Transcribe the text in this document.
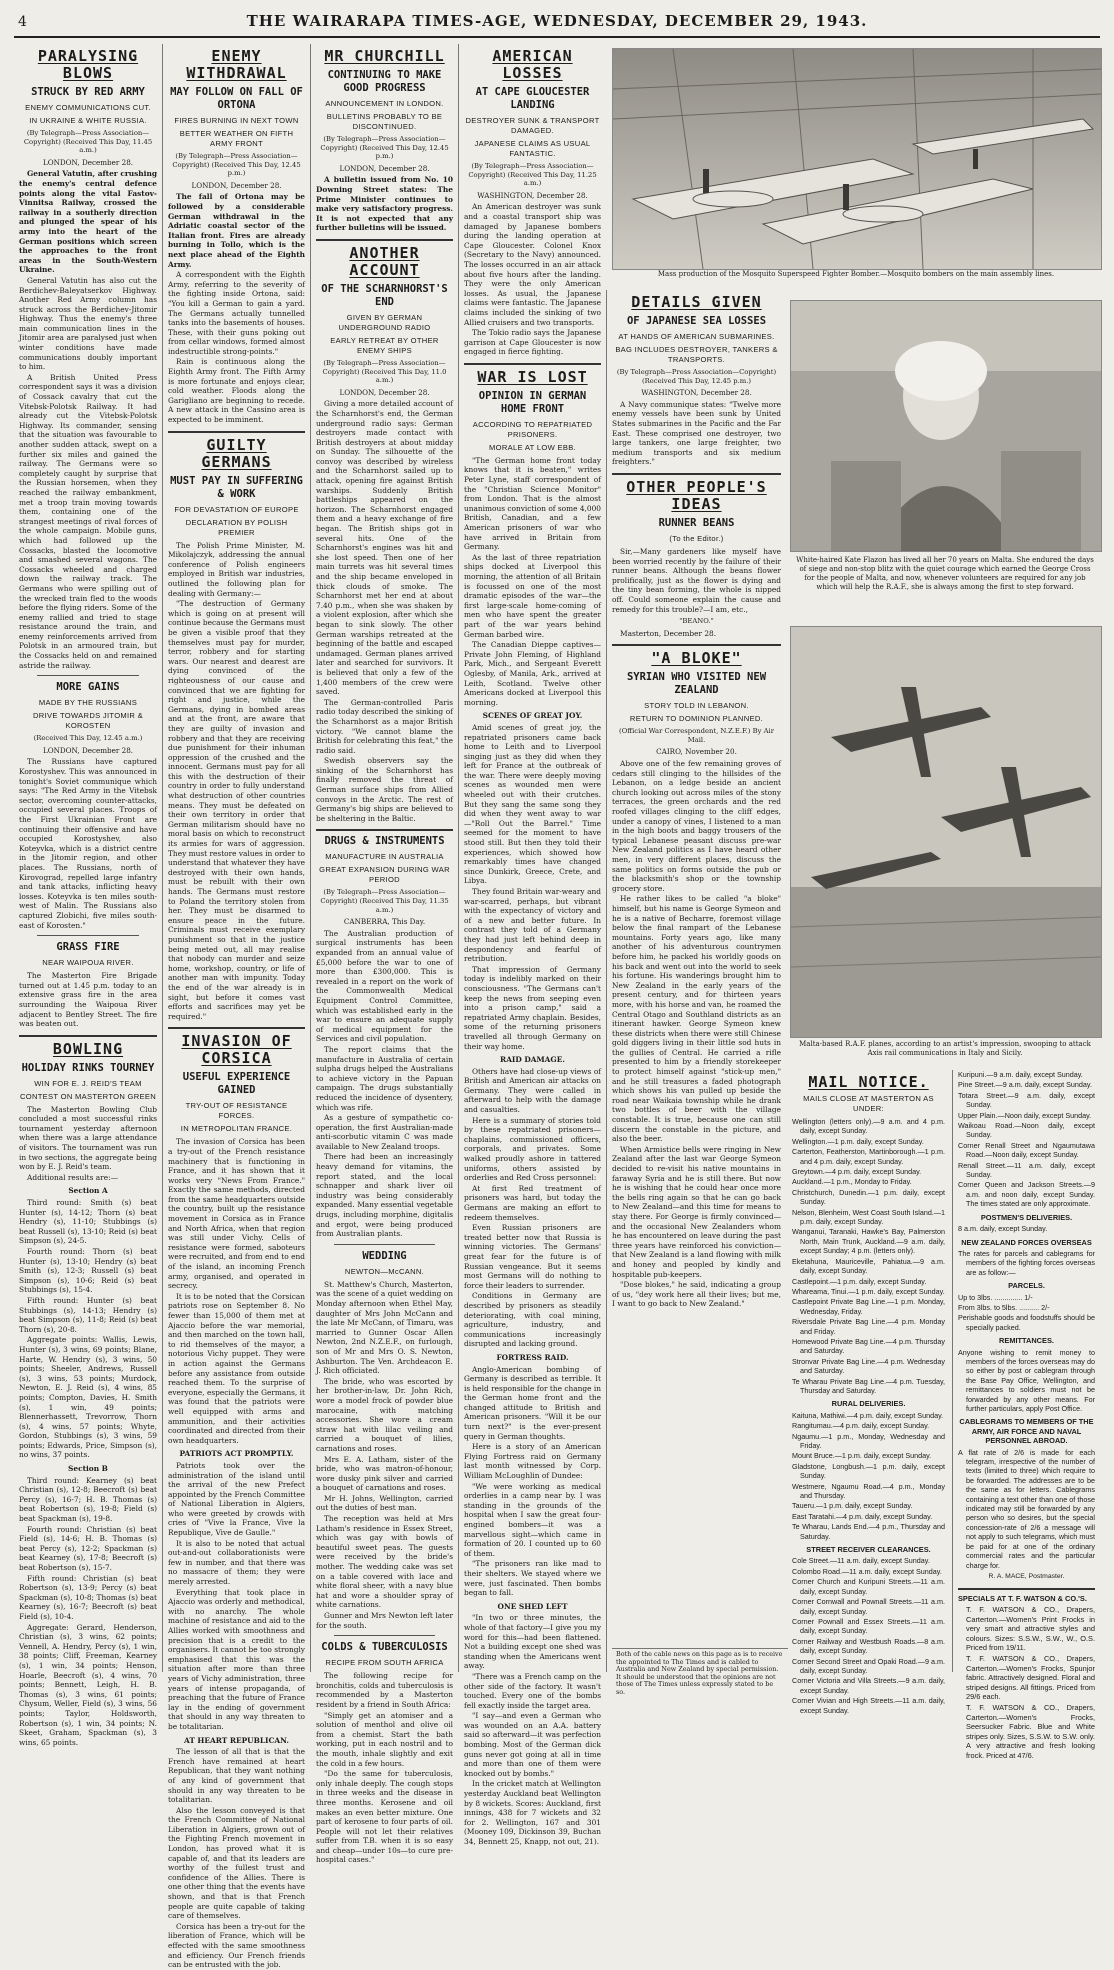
4	THE WAIRARAPA TIMES-AGE, WEDNESDAY, DECEMBER 29, 1943.
PARALYSING BLOWS
STRUCK BY RED ARMY
ENEMY COMMUNICATIONS CUT.
IN UKRAINE & WHITE RUSSIA.
(By Telegraph—Press Association—Copyright) (Received This Day, 11.45 a.m.)
LONDON, December 28.

General Vatutin, after crushing the enemy's central defence points along the vital Fastov-Vinnitsa Railway, crossed the railway in a southerly direction and plunged the spear of his army into the heart of the German positions which screen the approaches to the front areas in the South-Western Ukraine.

General Vatutin has also cut the Berdichev-Baleyatserkov Highway. Another Red Army column has struck across the Berdichev-Jitomir Highway. Thus the enemy's three main communication lines in the Jitomir area are paralysed just when winter conditions have made communications doubly important to him.

A British United Press correspondent says it was a division of Cossack cavalry that cut the Vitebsk-Polotsk Railway. It had already cut the Vitebsk-Polotsk Highway. Its commander, sensing that the situation was favourable to another sudden attack, swept on a further six miles and gained the railway. The Germans were so completely caught by surprise that the Russian horsemen, when they reached the railway embankment, met a troop train moving towards them, containing one of the strangest meetings of rival forces of the whole campaign. Mobile guns, which had followed up the Cossacks, blasted the locomotive and smashed several wagons. The Cossacks wheeled and charged down the railway track. The Germans who were spilling out of the wrecked train fled to the woods before the flying riders. Some of the enemy rallied and tried to stage resistance around the train, and enemy reinforcements arrived from Polotsk in an armoured train, but the Cossacks held on and remained astride the railway.

MORE GAINS
MADE BY THE RUSSIANS
DRIVE TOWARDS JITOMIR & KOROSTEN
(Received This Day, 12.45 a.m.)
LONDON, December 28.

The Russians have captured Korostyshev. This was announced in tonight's Soviet communique which says: "The Red Army in the Vitebsk sector, overcoming counter-attacks, occupied several places. Troops of the First Ukrainian Front are continuing their offensive and have occupied Korostyshev, also Koteyvka, which is a district centre in the Jitomir region, and other places. The Russians, north of Kirovograd, repelled large infantry and tank attacks, inflicting heavy losses. Koteyvka is ten miles south-west of Malin. The Russians also captured Zlobichi, five miles south-east of Korosten."

GRASS FIRE
NEAR WAIPOUA RIVER.

The Masterton Fire Brigade turned out at 1.45 p.m. today to an extensive grass fire in the area surrounding the Waipoua River adjacent to Bentley Street. The fire was beaten out.

BOWLING
HOLIDAY RINKS TOURNEY
WIN FOR E. J. REID'S TEAM
CONTEST ON MASTERTON GREEN

The Masterton Bowling Club concluded a most successful rinks tournament yesterday afternoon when there was a large attendance of visitors. The tournament was run in two sections, the aggregate being won by E. J. Reid's team.

Additional results are:—

Section A

Third round: Smith (s) beat Hunter (s), 14-12; Thorn (s) beat Hendry (s), 11-10; Stubbings (s) beat Russell (s), 13-10; Reid (s) beat Simpson (s), 24-5.

Fourth round: Thorn (s) beat Hunter (s), 13-10; Hendry (s) beat Smith (s), 12-3; Russell (s) beat Simpson (s), 10-6; Reid (s) beat Stubbings (s), 15-4.

Fifth round: Hunter (s) beat Stubbings (s), 14-13; Hendry (s) beat Simpson (s), 11-8; Reid (s) beat Thorn (s), 20-8.

Aggregate points: Wallis, Lewis, Hunter (s), 3 wins, 69 points; Blane, Harte, W. Hendry (s), 3 wins, 50 points; Sheeler, Andrews, Russell (s), 3 wins, 53 points; Murdock, Newton, E. J. Reid (s), 4 wins, 85 points; Compton, Davies, H. Smith (s), 1 win, 49 points; Blennerhassett, Trevorrow, Thorn (s), 4 wins, 57 points; Whyte, Gordon, Stubbings (s), 3 wins, 59 points; Edwards, Price, Simpson (s), no wins, 37 points.

Section B

Third round: Kearney (s) beat Christian (s), 12-8; Beecroft (s) beat Percy (s), 16-7; H. B. Thomas (s) beat Robertson (s), 19-8; Field (s) beat Spackman (s), 19-8.

Fourth round: Christian (s) beat Field (s), 14-6; H. B. Thomas (s) beat Percy (s), 12-2; Spackman (s) beat Kearney (s), 17-8; Beecroft (s) beat Robertson (s), 15-7.

Fifth round: Christian (s) beat Robertson (s), 13-9; Percy (s) beat Spackman (s), 10-8; Thomas (s) beat Kearney (s), 16-7; Beecroft (s) beat Field (s), 10-4.

Aggregate: Gerard, Henderson, Christian (s), 3 wins, 62 points; Vennell, A. Hendry, Percy (s), 1 win, 38 points; Cliff, Freeman, Kearney (s), 1 win, 34 points; Henson, Hoarle, Beecroft (s), 4 wins, 70 points; Bennett, Leigh, H. B. Thomas (s), 3 wins, 61 points; Chysum, Weller, Field (s), 3 wins, 56 points; Taylor, Holdsworth, Robertson (s), 1 win, 34 points; N. Skeet, Graham, Spackman (s), 3 wins, 65 points.

ENEMY WITHDRAWAL
MAY FOLLOW ON FALL OF ORTONA
FIRES BURNING IN NEXT TOWN
BETTER WEATHER ON FIFTH ARMY FRONT
(By Telegraph—Press Association—Copyright) (Received This Day, 12.45 p.m.)
LONDON, December 28.

The fall of Ortona may be followed by a considerable German withdrawal in the Adriatic coastal sector of the Italian front. Fires are already burning in Tollo, which is the next place ahead of the Eighth Army.

A correspondent with the Eighth Army, referring to the severity of the fighting inside Ortona, said: "You kill a German to gain a yard. The Germans actually tunnelled tanks into the basements of houses. These, with their guns poking out from cellar windows, formed almost indestructible strong-points."

Rain is continuous along the Eighth Army front. The Fifth Army is more fortunate and enjoys clear, cold weather. Floods along the Garigliano are beginning to recede. A new attack in the Cassino area is expected to be imminent.

GUILTY GERMANS
MUST PAY IN SUFFERING & WORK
FOR DEVASTATION OF EUROPE
DECLARATION BY POLISH PREMIER

The Polish Prime Minister, M. Mikolajczyk, addressing the annual conference of Polish engineers employed in British war industries, outlined the following plan for dealing with Germany:—

"The destruction of Germany which is going on at present will continue because the Germans must be given a visible proof that they themselves must pay for murder, terror, robbery and for starting wars. Our nearest and dearest are dying convinced of the righteousness of our cause and convinced that we are fighting for right and justice, while the Germans, dying in bombed areas and at the front, are aware that they are guilty of invasion and robbery and that they are receiving due punishment for their inhuman oppression of the crushed and the innocent. Germans must pay for all this with the destruction of their country in order to fully understand what destruction of other countries means. They must be defeated on their own territory in order that German militarism should have no moral basis on which to reconstruct its armies for wars of aggression. They must restore values in order to understand that whatever they have destroyed with their own hands, must be rebuilt with their own hands. The Germans must restore to Poland the territory stolen from her. They must be disarmed to ensure peace in the future. Criminals must receive exemplary punishment so that in the justice being meted out, all may realise that nobody can murder and seize home, workshop, country, or life of another man with impunity. Today the end of the war already is in sight, but before it comes vast efforts and sacrifices may yet be required."

INVASION OF CORSICA
USEFUL EXPERIENCE GAINED
TRY-OUT OF RESISTANCE FORCES.
IN METROPOLITAN FRANCE.

The invasion of Corsica has been a try-out of the French resistance machinery that is functioning in France, and it has shown that it works very "News From France." Exactly the same methods, directed from the same headquarters outside the country, built up the resistance movement in Corsica as in France and North Africa, when that region was still under Vichy. Cells of resistance were formed, saboteurs were recruited, and from end to end of the island, an incoming French army, organised, and operated in secrecy.

It is to be noted that the Corsican patriots rose on September 8. No fewer than 15,000 of them met at Ajaccio before the war memorial, and then marched on the town hall, to rid themselves of the mayor, a notorious Vichy puppet. They were in action against the Germans before any assistance from outside reached them. To the surprise of everyone, especially the Germans, it was found that the patriots were well equipped with arms and ammunition, and their activities coordinated and directed from their own headquarters.

PATRIOTS ACT PROMPTLY.

Patriots took over the administration of the island until the arrival of the new Prefect appointed by the French Committee of National Liberation in Algiers, who were greeted by crowds with cries of "Vive la France, Vive la Republique, Vive de Gaulle."

It is also to be noted that actual out-and-out collaborationists were few in number, and that there was no massacre of them; they were merely arrested.

Everything that took place in Ajaccio was orderly and methodical, with no anarchy. The whole machine of resistance and aid to the Allies worked with smoothness and precision that is a credit to the organisers. It cannot be too strongly emphasised that this was the situation after more than three years of Vichy administration, three years of intense propaganda, of preaching that the future of France lay in the ending of government that should in any way threaten to be totalitarian.

AT HEART REPUBLICAN.

The lesson of all that is that the French have remained at heart Republican, that they want nothing of any kind of government that should in any way threaten to be totalitarian.

Also the lesson conveyed is that the French Committee of National Liberation in Algiers, grown out of the Fighting French movement in London, has proved what it is capable of, and that its leaders are worthy of the fullest trust and confidence of the Allies. There is one other thing that the events have shown, and that is that French people are quite capable of taking care of themselves.

Corsica has been a try-out for the liberation of France, which will be effected with the same smoothness and efficiency. Our French friends can be entrusted with the job.

MR CHURCHILL
CONTINUING TO MAKE GOOD PROGRESS
ANNOUNCEMENT IN LONDON.
BULLETINS PROBABLY TO BE DISCONTINUED.
(By Telegraph—Press Association—Copyright) (Received This Day, 12.45 p.m.)
LONDON, December 28.

A bulletin issued from No. 10 Downing Street states: The Prime Minister continues to make very satisfactory progress. It is not expected that any further bulletins will be issued.

ANOTHER ACCOUNT
OF THE SCHARNHORST'S END
GIVEN BY GERMAN UNDERGROUND RADIO
EARLY RETREAT BY OTHER ENEMY SHIPS
(By Telegraph—Press Association—Copyright) (Received This Day, 11.0 a.m.)
LONDON, December 28.

Giving a more detailed account of the Scharnhorst's end, the German underground radio says: German destroyers made contact with British destroyers at about midday on Sunday. The silhouette of the convoy was described by wireless and the Scharnhorst sailed up to attack, opening fire against British warships. Suddenly British battleships appeared on the horizon. The Scharnhorst engaged them and a heavy exchange of fire began. The British ships got in several hits. One of the Scharnhorst's engines was hit and she lost speed. Then one of her main turrets was hit several times and the ship became enveloped in thick clouds of smoke. The Scharnhorst met her end at about 7.40 p.m., when she was shaken by a violent explosion, after which she began to sink slowly. The other German warships retreated at the beginning of the battle and escaped undamaged. German planes arrived later and searched for survivors. It is believed that only a few of the 1,400 members of the crew were saved.

The German-controlled Paris radio today described the sinking of the Scharnhorst as a major British victory. "We cannot blame the British for celebrating this feat," the radio said.

Swedish observers say the sinking of the Scharnhorst has finally removed the threat of German surface ships from Allied convoys in the Arctic. The rest of Germany's big ships are believed to be sheltering in the Baltic.

DRUGS & INSTRUMENTS
MANUFACTURE IN AUSTRALIA
GREAT EXPANSION DURING WAR PERIOD
(By Telegraph—Press Association—Copyright) (Received This Day, 11.35 a.m.)
CANBERRA, This Day.

The Australian production of surgical instruments has been expanded from an annual value of £5,000 before the war to one of more than £300,000. This is revealed in a report on the work of the Commonwealth Medical Equipment Control Committee, which was established early in the war to ensure an adequate supply of medical equipment for the Services and civil population.

The report claims that the manufacture in Australia of certain sulpha drugs helped the Australians to achieve victory in the Papuan campaign. The drugs substantially reduced the incidence of dysentery, which was rife.

As a gesture of sympathetic co-operation, the first Australian-made anti-scorbutic vitamin C was made available to New Zealand troops.

There had been an increasingly heavy demand for vitamins, the report stated, and the local schnapper and shark liver oil industry was being considerably expanded. Many essential vegetable drugs, including morphine, digitalis and ergot, were being produced from Australian plants.

WEDDING
NEWTON—McCANN.

St. Matthew's Church, Masterton, was the scene of a quiet wedding on Monday afternoon when Ethel May, daughter of Mrs John McCann and the late Mr McCann, of Timaru, was married to Gunner Oscar Allen Newton, 2nd N.Z.E.F., on furlough, son of Mr and Mrs O. S. Newton, Ashburton. The Ven. Archdeacon E. J. Rich officiated.

The bride, who was escorted by her brother-in-law, Dr. John Rich, wore a model frock of powder blue marocaine, with matching accessories. She wore a cream straw hat with lilac veiling and carried a bouquet of lilies, carnations and roses.

Mrs E. A. Latham, sister of the bride, who was matron-of-honour, wore dusky pink silver and carried a bouquet of carnations and roses.

Mr H. Johns, Wellington, carried out the duties of best man.

The reception was held at Mrs Latham's residence in Essex Street, which was gay with bowls of beautiful sweet peas. The guests were received by the bride's mother. The wedding cake was set on a table covered with lace and white floral sheer, with a navy blue hat and wore a shoulder spray of white carnations.

Gunner and Mrs Newton left later for the south.

COLDS & TUBERCULOSIS
RECIPE FROM SOUTH AFRICA

The following recipe for bronchitis, colds and tuberculosis is recommended by a Masterton resident by a friend in South Africa:

"Simply get an atomiser and a solution of menthol and olive oil from a chemist. Start the bath working, put in each nostril and to the mouth, inhale slightly and exit the cold in a few hours.

"Do the same for tuberculosis, only inhale deeply. The cough stops in three weeks and the disease in three months. Kerosene and oil makes an even better mixture. One part of kerosene to four parts of oil. People will not let their relatives suffer from T.B. when it is so easy and cheap—under 10s—to cure pre-hospital cases."

AMERICAN LOSSES
AT CAPE GLOUCESTER LANDING
DESTROYER SUNK & TRANSPORT DAMAGED.
JAPANESE CLAIMS AS USUAL FANTASTIC.
(By Telegraph—Press Association—Copyright) (Received This Day, 11.25 a.m.)
WASHINGTON, December 28.

An American destroyer was sunk and a coastal transport ship was damaged by Japanese bombers during the landing operation at Cape Gloucester. Colonel Knox (Secretary to the Navy) announced. The losses occurred in an air attack about five hours after the landing. They were the only American losses. As usual, the Japanese claims were fantastic. The Japanese claims included the sinking of two Allied cruisers and two transports.

The Tokio radio says the Japanese garrison at Cape Gloucester is now engaged in fierce fighting.

WAR IS LOST
OPINION IN GERMAN HOME FRONT
ACCORDING TO REPATRIATED PRISONERS.
MORALE AT LOW EBB.

"The German home front today knows that it is beaten," writes Peter Lyne, staff correspondent of the "Christian Science Monitor" from London. That is the almost unanimous conviction of some 4,000 British, Canadian, and a few American prisoners of war who have arrived in Britain from Germany.

As the last of three repatriation ships docked at Liverpool this morning, the attention of all Britain is focussed on one of the most dramatic episodes of the war—the first large-scale home-coming of men who have spent the greater part of the war years behind German barbed wire.

The Canadian Dieppe captives—Private John Fleming, of Highland Park, Mich., and Sergeant Everett Oglesby, of Manila, Ark., arrived at Leith, Scotland. Twelve other Americans docked at Liverpool this morning.

SCENES OF GREAT JOY.

Amid scenes of great joy, the repatriated prisoners came back home to Leith and to Liverpool singing just as they did when they left for France at the outbreak of the war. There were deeply moving scenes as wounded men were wheeled out with their crutches. But they sang the same song they did when they went away to war—"Roll Out the Barrel." Time seemed for the moment to have stood still. But then they told their experiences, which showed how remarkably times have changed since Dunkirk, Greece, Crete, and Libya.

They found Britain war-weary and war-scarred, perhaps, but vibrant with the expectancy of victory and of a new and better future. In contrast they told of a Germany they had just left behind deep in despondency and fearful of retribution.

That impression of Germany today is indelibly marked on their consciousness. "The Germans can't keep the news from seeping even into a prison camp," said a repatriated Army chaplain. Besides, some of the returning prisoners travelled all through Germany on their way home.

RAID DAMAGE.

Others have had close-up views of British and American air attacks on Germany. They were called in afterward to help with the damage and casualties.

Here is a summary of stories told by these repatriated prisoners—chaplains, commissioned officers, corporals, and privates. Some walked proudly ashore in tattered uniforms, others assisted by orderlies and Red Cross personnel:

At first Red treatment of prisoners was hard, but today the Germans are making an effort to redeem themselves.

Even Russian prisoners are treated better now that Russia is winning victories. The Germans' great fear for the future is of Russian vengeance. But it seems most Germans will do nothing to force their leaders to surrender.

Conditions in Germany are described by prisoners as steadily deteriorating, with coal mining, agriculture, industry, and communications increasingly disrupted and lacking ground.

FORTRESS RAID.

Anglo-American bombing of Germany is described as terrible. It is held responsible for the change in the German home front and the changed attitude to British and American prisoners. "Will it be our turn next?" is the ever-present query in German thoughts.

Here is a story of an American Flying Fortress raid on Germany last month witnessed by Corp. William McLoughlin of Dundee:

"We were working as medical orderlies in a camp near by. I was standing in the grounds of the hospital when I saw the great four-engined bombers—it was a marvellous sight—which came in formation of 20. I counted up to 60 of them.

"The prisoners ran like mad to their shelters. We stayed where we were, just fascinated. Then bombs began to fall.

ONE SHED LEFT

"In two or three minutes, the whole of that factory—I give you my word for this—had been flattened. Not a building except one shed was standing when the Americans went away.

"There was a French camp on the other side of the factory. It wasn't touched. Every one of the bombs fell exactly inside the target area.

"I say—and even a German who was wounded on an A.A. battery said so afterward—it was perfection bombing. Most of the German dick guns never got going at all in time and more than one of them were knocked out by bombs."

In the cricket match at Wellington yesterday Auckland beat Wellington by 8 wickets. Scores: Auckland, first innings, 438 for 7 wickets and 32 for 2. Wellington, 167 and 301 (Mooney 109, Dickinson 39, Buchan 34, Bennett 25, Knapp, not out, 21).

Mass production of the Mosquito Superspeed Fighter Bomber.—Mosquito bombers on the main assembly lines.
DETAILS GIVEN
OF JAPANESE SEA LOSSES
AT HANDS OF AMERICAN SUBMARINES.
BAG INCLUDES DESTROYER, TANKERS & TRANSPORTS.
(By Telegraph—Press Association—Copyright) (Received This Day, 12.45 p.m.)
WASHINGTON, December 28.

A Navy communique states: "Twelve more enemy vessels have been sunk by United States submarines in the Pacific and the Far East. These comprised one destroyer, two large tankers, one large freighter, two medium transports and six medium freighters."

OTHER PEOPLE'S IDEAS
RUNNER BEANS
(To the Editor.)

Sir,—Many gardeners like myself have been worried recently by the failure of their runner beans. Although the beans flower prolifically, just as the flower is dying and the tiny bean forming, the whole is nipped off. Could someone explain the cause and remedy for this trouble?—I am, etc.,

"BEANO."

Masterton, December 28.

"A BLOKE"
SYRIAN WHO VISITED NEW ZEALAND
STORY TOLD IN LEBANON.
RETURN TO DOMINION PLANNED.
(Official War Correspondent, N.Z.E.F.) By Air Mail.
CAIRO, November 20.

Above one of the few remaining groves of cedars still clinging to the hillsides of the Lebanon, on a ledge beside an ancient church looking out across miles of the stony terraces, the green orchards and the red roofed villages clinging to the cliff edges, under a canopy of vines, I listened to a man in the high boots and baggy trousers of the typical Lebanese peasant discuss pre-war New Zealand politics as I have heard other men, in very different places, discuss the same politics on forms outside the pub or the blacksmith's shop or the township grocery store.

He rather likes to be called "a bloke" himself, but his name is George Symeon and he is a native of Becharre, foremost village below the final rampart of the Lebanese mountains. Forty years ago, like many another of his adventurous countrymen before him, he packed his worldly goods on his back and went out into the world to seek his fortune. His wanderings brought him to New Zealand in the early years of the present century, and for thirteen years more, with his horse and van, he roamed the Central Otago and Southland districts as an itinerant hawker. George Symeon knew these districts when there were still Chinese gold diggers living in their little sod huts in the gullies of Central. He carried a rifle presented to him by a friendly storekeeper to protect himself against "stick-up men," and he still treasures a faded photograph which shows his van pulled up beside the road near Waikaia township while he drank two bottles of beer with the village constable. It is true, because one can still discern the constable in the picture, and also the beer.

When Armistice bells were ringing in New Zealand after the last war George Symeon decided to re-visit his native mountains in faraway Syria and he is still there. But now he is wishing that he could hear once more the bells ring again so that he can go back to New Zealand—and this time for means to stay there. For George is firmly convinced—and the occasional New Zealanders whom he has encountered on leave during the past three years have reinforced his conviction—that New Zealand is a land flowing with milk and honey and peopled by kindly and hospitable pub-keepers.

"Dose blokes," he said, indicating a group of us, "dey work here all their lives; but me, I want to go back to New Zealand."

White-haired Kate Flazon has lived all her 70 years on Malta. She endured the days of siege and non-stop blitz with the quiet courage which earned the George Cross for the people of Malta, and now, whenever volunteers are required for any job which will help the R.A.F., she is always among the first to step forward.
Malta-based R.A.F. planes, according to an artist's impression, swooping to attack Axis rail communications in Italy and Sicily.
MAIL NOTICE.
MAILS CLOSE AT MASTERTON AS UNDER:

Wellington (letters only).—9 a.m. and 4 p.m. daily, except Sunday.

Wellington.—1 p.m. daily, except Sunday.

Carterton, Featherston, Martinborough.—1 p.m. and 4 p.m. daily, except Sunday.

Greytown.—4 p.m. daily, except Sunday.

Auckland.—1 p.m., Monday to Friday.

Christchurch, Dunedin.—1 p.m. daily, except Sunday.

Nelson, Blenheim, West Coast South Island.—1 p.m. daily, except Sunday.

Wanganui, Taranaki, Hawke's Bay, Palmerston North, Main Trunk, Auckland.—9 a.m. daily, except Sunday; 4 p.m. (letters only).

Eketahuna, Mauriceville, Pahiatua.—9 a.m. daily, except Sunday.

Castlepoint.—1 p.m. daily, except Sunday.

Whareama, Tinui.—1 p.m. daily, except Sunday.

Castlepoint Private Bag Line.—1 p.m. Monday, Wednesday, Friday.

Riversdale Private Bag Line.—4 p.m. Monday and Friday.

Homewood Private Bag Line.—4 p.m. Thursday and Saturday.

Stronvar Private Bag Line.—4 p.m. Wednesday and Saturday.

Te Wharau Private Bag Line.—4 p.m. Tuesday, Thursday and Saturday.

RURAL DELIVERIES.

Kaituna, Mathiwi.—4 p.m. daily, except Sunday.

Rangitumau.—4 p.m. daily, except Sunday.

Ngaumu.—1 p.m., Monday, Wednesday and Friday.

Mount Bruce.—1 p.m. daily, except Sunday.

Gladstone, Longbush.—1 p.m. daily, except Sunday.

Westmere, Ngaumu Road.—4 p.m., Monday and Thursday.

Taueru.—1 p.m. daily, except Sunday.

East Taratahi.—4 p.m. daily, except Sunday.

Te Wharau, Lands End.—4 p.m., Thursday and Saturday.

STREET RECEIVER CLEARANCES.

Cole Street.—11 a.m. daily, except Sunday.

Colombo Road.—11 a.m. daily, except Sunday.

Corner Church and Kuripuni Streets.—11 a.m. daily, except Sunday.

Corner Cornwall and Pownall Streets.—11 a.m. daily, except Sunday.

Corner Pownall and Essex Streets.—11 a.m. daily, except Sunday.

Corner Railway and Westbush Roads.—8 a.m. daily, except Sunday.

Corner Second Street and Opaki Road.—9 a.m. daily, except Sunday.

Corner Victoria and Villa Streets.—9 a.m. daily, except Sunday.

Corner Vivian and High Streets.—11 a.m. daily, except Sunday.

Kuripuni.—9 a.m. daily, except Sunday.

Pine Street.—9 a.m. daily, except Sunday.

Totara Street.—9 a.m. daily, except Sunday.

Upper Plain.—Noon daily, except Sunday.

Waikoau Road.—Noon daily, except Sunday.

Corner Renall Street and Ngaumutawa Road.—Noon daily, except Sunday.

Renall Street.—11 a.m. daily, except Sunday.

Corner Queen and Jackson Streets.—9 a.m. and noon daily, except Sunday. The times stated are only approximate.

POSTMEN'S DELIVERIES.

8 a.m. daily, except Sunday.

NEW ZEALAND FORCES OVERSEAS

The rates for parcels and cablegrams for members of the fighting forces overseas are as follow:—

PARCELS.

Up to 3lbs. .............. 1/-

From 3lbs. to 5lbs. .......... 2/-

Perishable goods and foodstuffs should be specially packed.

REMITTANCES.

Anyone wishing to remit money to members of the forces overseas may do so either by post or cablegram through the Base Pay Office, Wellington, and remittances to soldiers must not be forwarded by any other means. For further particulars, apply Post Office.

CABLEGRAMS TO MEMBERS OF THE ARMY, AIR FORCE AND NAVAL PERSONNEL ABROAD.

A flat rate of 2/6 is made for each telegram, irrespective of the number of texts (limited to three) which require to be forwarded. The addresses are to be the same as for letters. Cablegrams containing a text other than one of those indicated may still be forwarded by any person who so desires, but the special concession-rate of 2/6 a message will not apply to such telegrams, which must be paid for at one of the ordinary commercial rates and the particular charge for.

R. A. MACE, Postmaster.
SPECIALS AT T. F. WATSON & CO.'S.

T. F. WATSON & CO., Drapers, Carterton.—Women's Print Frocks in very smart and attractive styles and colours. Sizes: S.S.W., S.W., W., O.S. Priced from 19/11.

T. F. WATSON & CO., Drapers, Carterton.—Women's Frocks, Spunjor fabric. Attractively designed. Floral and striped designs. All fittings. Priced from 29/6 each.

T. F. WATSON & CO., Drapers, Carterton.—Women's Frocks, Seersucker Fabric. Blue and White stripes only. Sizes, S.S.W. to S.W. only. A very attractive and fresh looking frock. Priced at 47/6.

Both of the cable news on this page as is to receive the appointed to The Times and is cabled to Australia and New Zealand by special permission. It should be understood that the opinions are not those of The Times unless expressly stated to be so.
